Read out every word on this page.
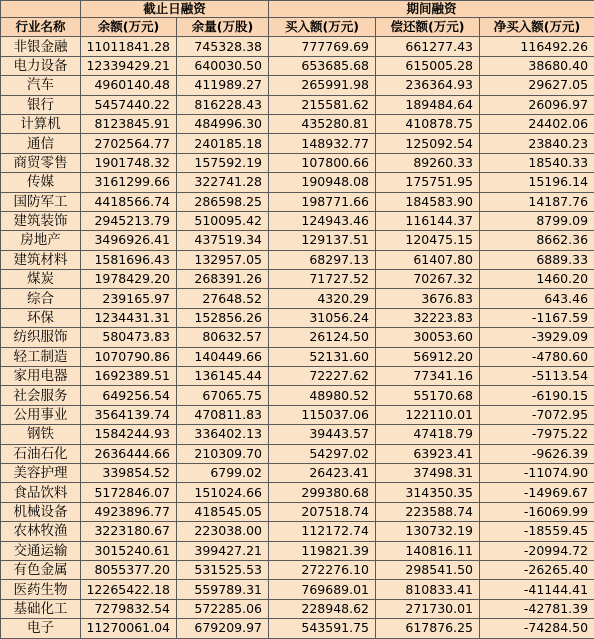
	截止日融资		期间融资		
行业名称	余额(万元)	余量(万股)	买入额(万元)	偿还额(万元)	净买入额(万元)
非银金融	11011841.28	745328.38	777769.69	661277.43	116492.26
电力设备	12339429.21	640030.50	653685.68	615005.28	38680.40
汽车	4960140.48	411989.27	265991.98	236364.93	29627.05
银行	5457440.22	816228.43	215581.62	189484.64	26096.97
计算机	8123845.91	484996.30	435280.81	410878.75	24402.06
通信	2702564.77	240185.18	148932.77	125092.54	23840.23
商贸零售	1901748.32	157592.19	107800.66	89260.33	18540.33
传媒	3161299.66	322741.28	190948.08	175751.95	15196.14
国防军工	4418566.74	286598.25	198771.66	184583.90	14187.76
建筑装饰	2945213.79	510095.42	124943.46	116144.37	8799.09
房地产	3496926.41	437519.34	129137.51	120475.15	8662.36
建筑材料	1581696.43	132957.05	68297.13	61407.80	6889.33
煤炭	1978429.20	268391.26	71727.52	70267.32	1460.20
综合	239165.97	27648.52	4320.29	3676.83	643.46
环保	1234431.31	152856.26	31056.24	32223.83	-1167.59
纺织服饰	580473.83	80632.57	26124.50	30053.60	-3929.09
轻工制造	1070790.86	140449.66	52131.60	56912.20	-4780.60
家用电器	1692389.51	136145.44	72227.62	77341.16	-5113.54
社会服务	649256.54	67065.75	48980.52	55170.68	-6190.15
公用事业	3564139.74	470811.83	115037.06	122110.01	-7072.95
钢铁	1584244.93	336402.13	39443.57	47418.79	-7975.22
石油石化	2636444.66	210309.70	54297.02	63923.41	-9626.39
美容护理	339854.52	6799.02	26423.41	37498.31	-11074.90
食品饮料	5172846.07	151024.66	299380.68	314350.35	-14969.67
机械设备	4923896.77	418545.05	207518.74	223588.74	-16069.99
农林牧渔	3223180.67	223038.00	112172.74	130732.19	-18559.45
交通运输	3015240.61	399427.21	119821.39	140816.11	-20994.72
有色金属	8055377.20	531525.53	272276.10	298541.50	-26265.40
医药生物	12265422.18	559789.31	769689.01	810833.41	-41144.41
基础化工	7279832.54	572285.06	228948.62	271730.01	-42781.39
电子	11270061.04	679209.97	543591.75	617876.25	-74284.50
